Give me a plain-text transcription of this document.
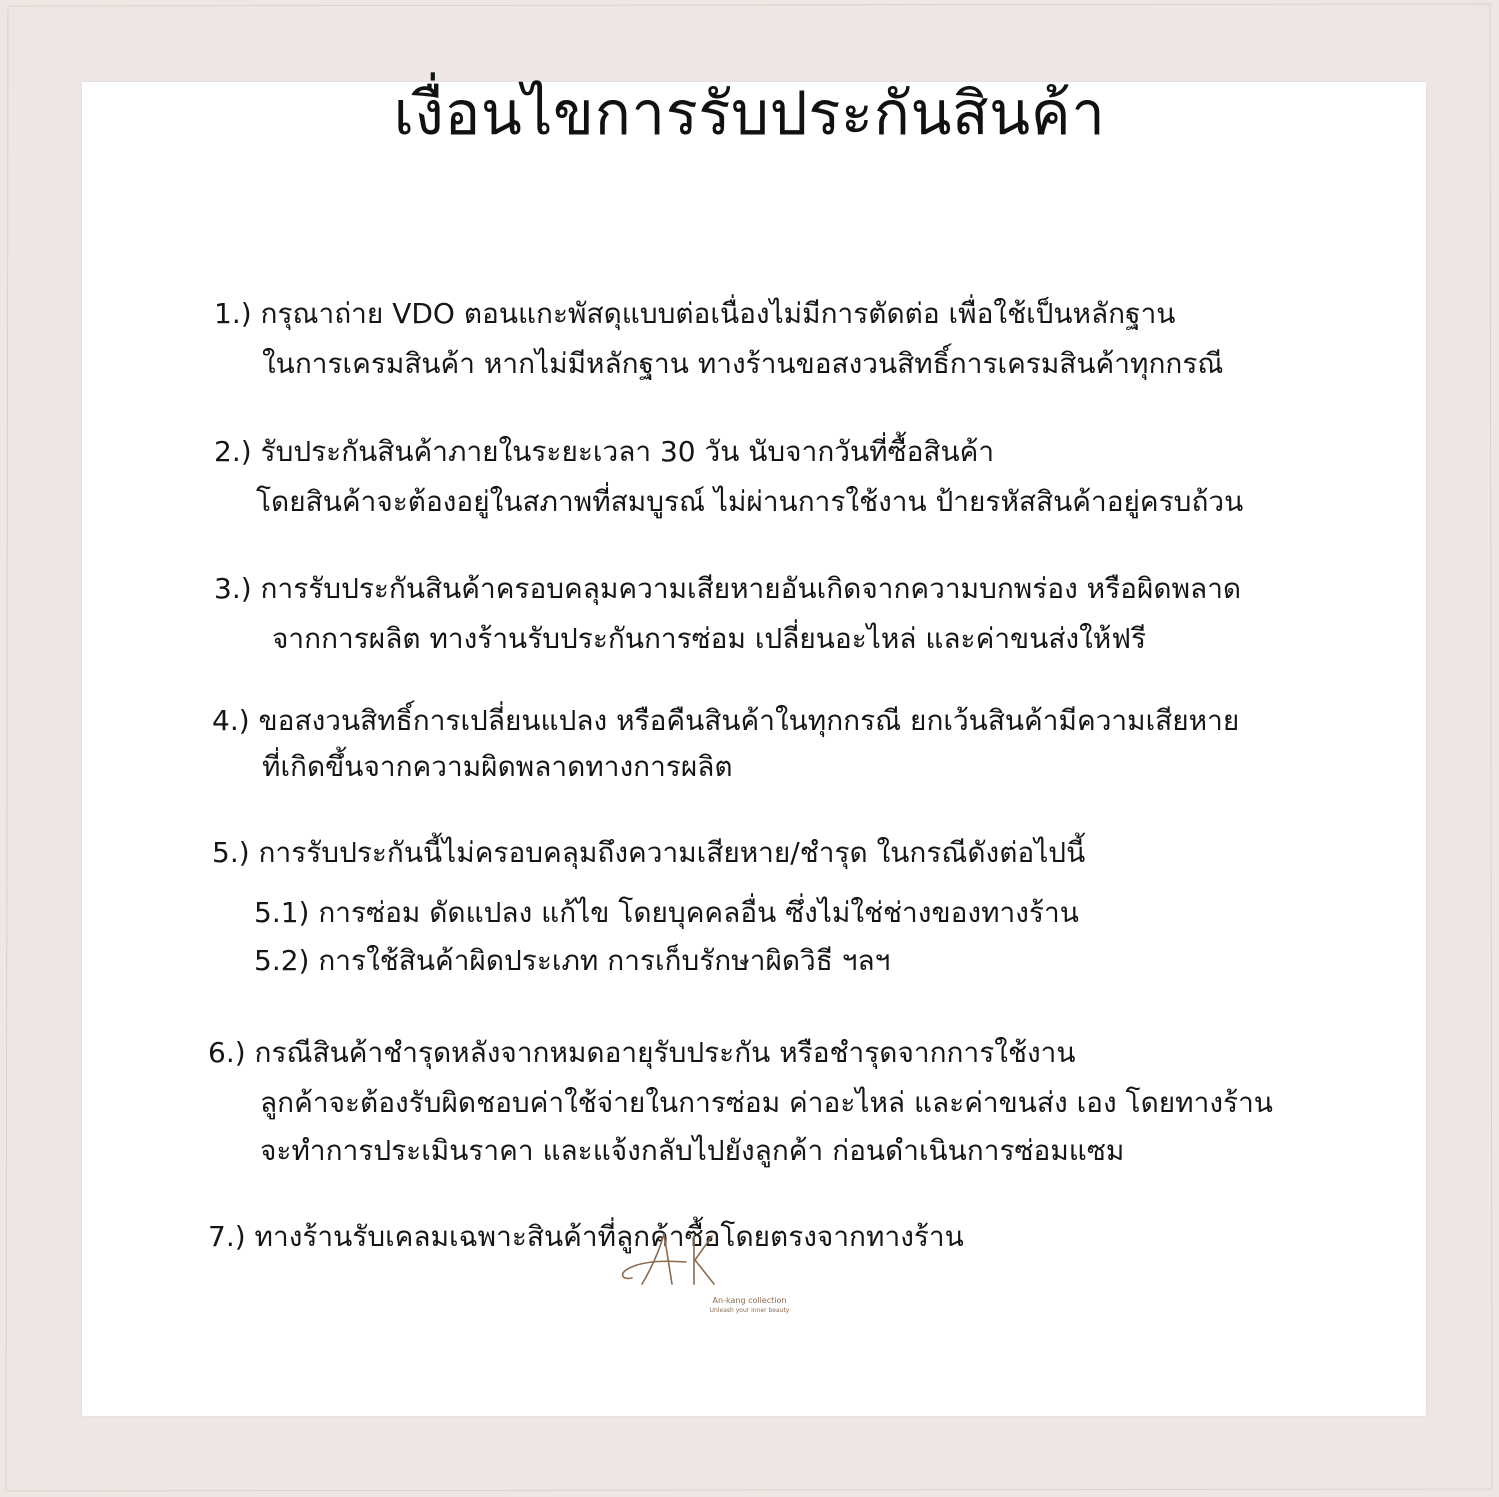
เงื่อนไขการรับประกันสินค้า
1.) กรุณาถ่าย VDO ตอนแกะพัสดุแบบต่อเนื่องไม่มีการตัดต่อ เพื่อใช้เป็นหลักฐาน
ในการเครมสินค้า หากไม่มีหลักฐาน ทางร้านขอสงวนสิทธิ์การเครมสินค้าทุกกรณี
2.) รับประกันสินค้าภายในระยะเวลา 30 วัน นับจากวันที่ซื้อสินค้า
โดยสินค้าจะต้องอยู่ในสภาพที่สมบูรณ์ ไม่ผ่านการใช้งาน ป้ายรหัสสินค้าอยู่ครบถ้วน
3.) การรับประกันสินค้าครอบคลุมความเสียหายอันเกิดจากความบกพร่อง หรือผิดพลาด
จากการผลิต ทางร้านรับประกันการซ่อม เปลี่ยนอะไหล่ และค่าขนส่งให้ฟรี
4.) ขอสงวนสิทธิ์การเปลี่ยนแปลง หรือคืนสินค้าในทุกกรณี ยกเว้นสินค้ามีความเสียหาย
ที่เกิดขึ้นจากความผิดพลาดทางการผลิต
5.) การรับประกันนี้ไม่ครอบคลุมถึงความเสียหาย/ชำรุด ในกรณีดังต่อไปนี้
5.1) การซ่อม ดัดแปลง แก้ไข โดยบุคคลอื่น ซึ่งไม่ใช่ช่างของทางร้าน
5.2) การใช้สินค้าผิดประเภท การเก็บรักษาผิดวิธี ฯลฯ
6.) กรณีสินค้าชำรุดหลังจากหมดอายุรับประกัน หรือชำรุดจากการใช้งาน
ลูกค้าจะต้องรับผิดชอบค่าใช้จ่ายในการซ่อม ค่าอะไหล่ และค่าขนส่ง เอง โดยทางร้าน
จะทำการประเมินราคา และแจ้งกลับไปยังลูกค้า ก่อนดำเนินการซ่อมแซม
7.) ทางร้านรับเคลมเฉพาะสินค้าที่ลูกค้าซื้อโดยตรงจากทางร้าน
An-kang collection
Unleash your inner beauty
